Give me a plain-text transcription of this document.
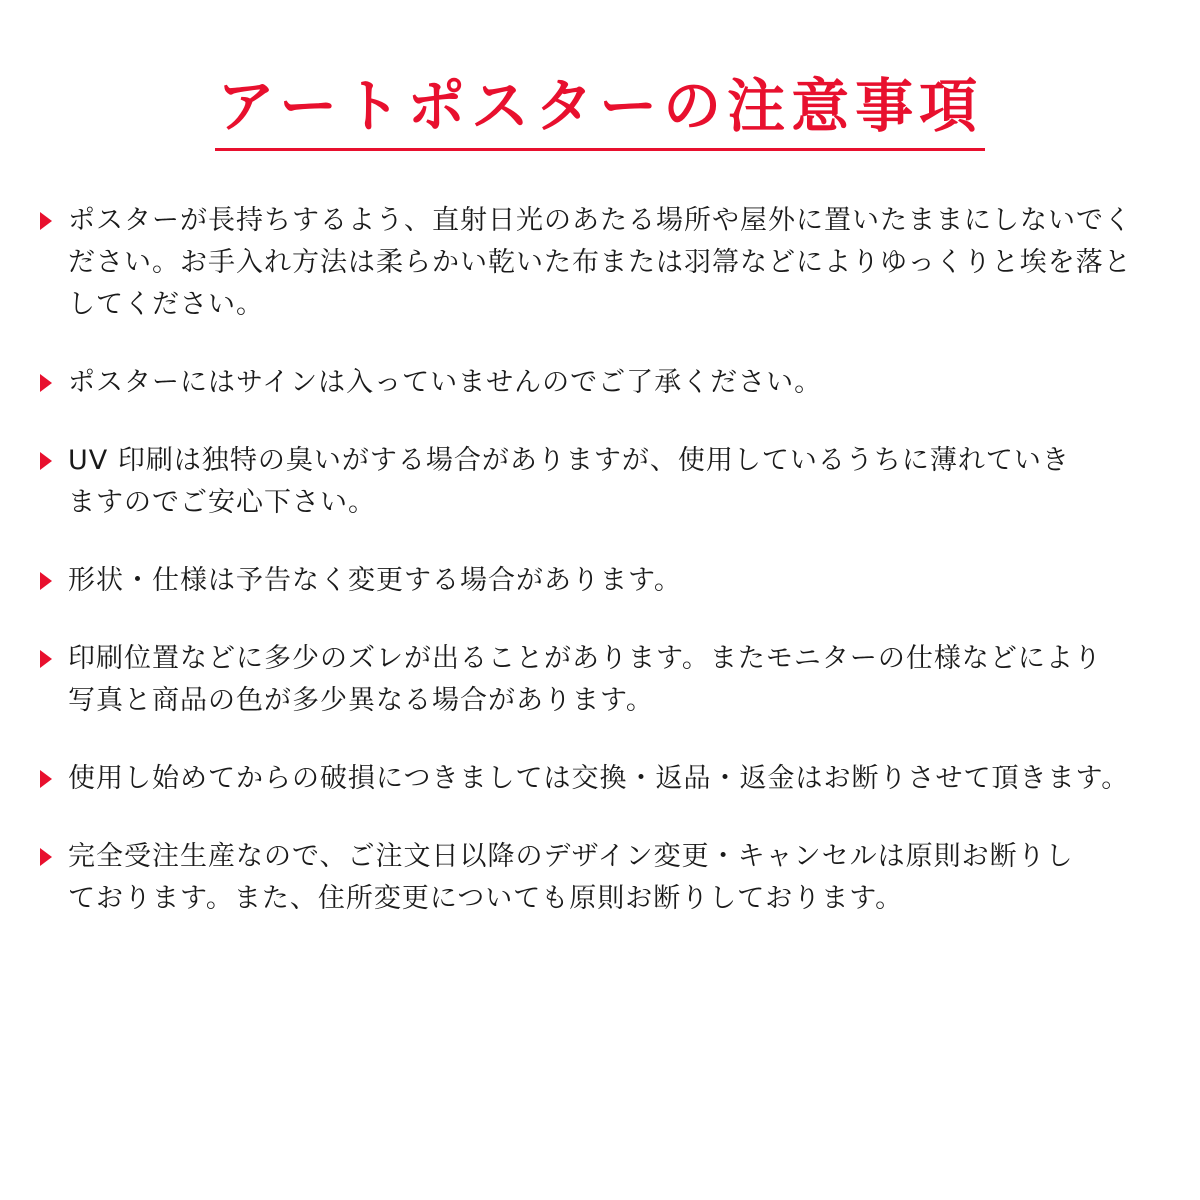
アートポスターの注意事項
ポスターが長持ちするよう、直射日光のあたる場所や屋外に置いたままにしないでく
ださい。お手入れ方法は柔らかい乾いた布または羽箒などによりゆっくりと埃を落と
してください。
ポスターにはサインは入っていませんのでご了承ください。
UV 印刷は独特の臭いがする場合がありますが、使用しているうちに薄れていき
ますのでご安心下さい。
形状・仕様は予告なく変更する場合があります。
印刷位置などに多少のズレが出ることがあります。またモニターの仕様などにより
写真と商品の色が多少異なる場合があります。
使用し始めてからの破損につきましては交換・返品・返金はお断りさせて頂きます。
完全受注生産なので、ご注文日以降のデザイン変更・キャンセルは原則お断りし
ております。また、住所変更についても原則お断りしております。
